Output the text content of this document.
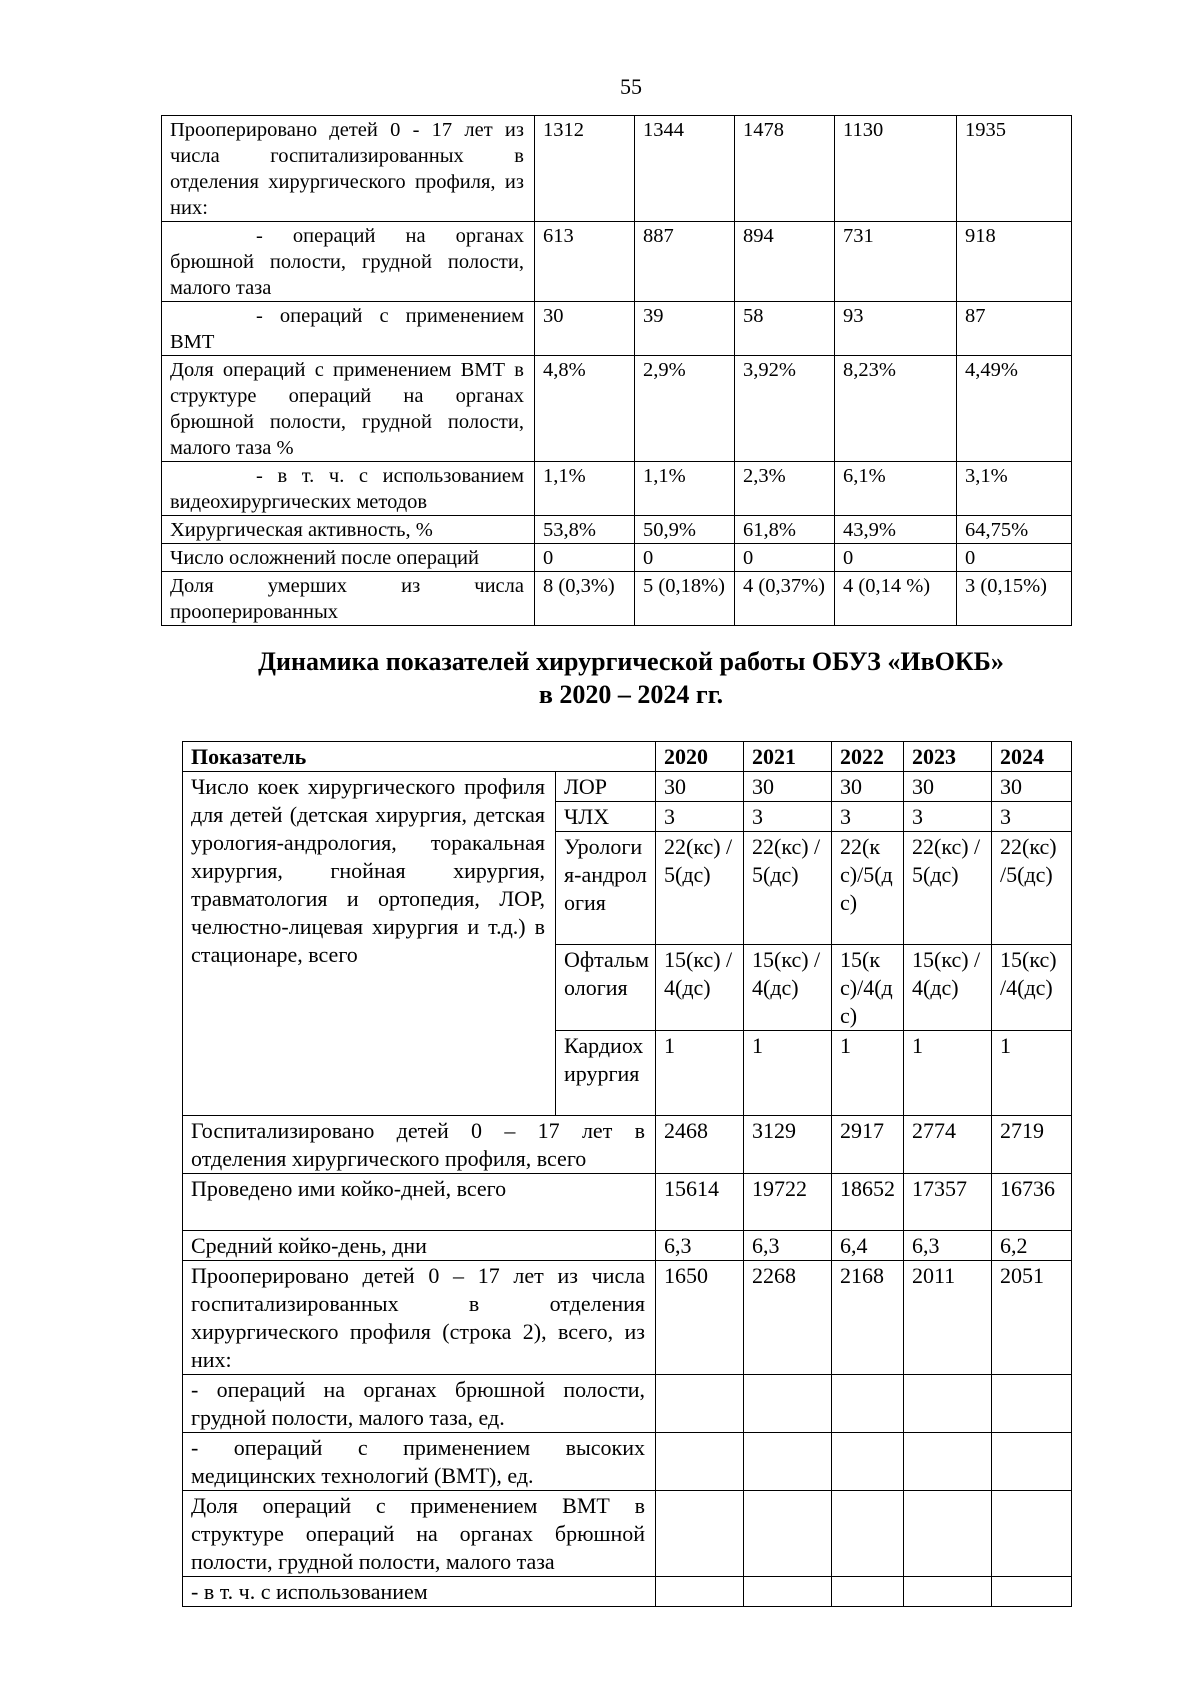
55
Прооперировано детей 0 - 17 лет из числа госпитализированных в отделения хирургического профиля, из них:	1312	1344	1478	1130	1935
- операций на органах брюшной полости, грудной полости, малого таза	613	887	894	731	918
- операций с применением ВМТ	30	39	58	93	87
Доля операций с применением ВМТ в структуре операций на органах брюшной полости, грудной полости, малого таза %	4,8%	2,9%	3,92%	8,23%	4,49%
- в т. ч. с использованием видеохирургических методов	1,1%	1,1%	2,3%	6,1%	3,1%
Хирургическая активность, %	53,8%	50,9%	61,8%	43,9%	64,75%
Число осложнений после операций	0	0	0	0	0
Доля умерших из числа прооперированных	8 (0,3%)	5 (0,18%)	4 (0,37%)	4 (0,14 %)	3 (0,15%)
Динамика показателей хирургической работы ОБУЗ «ИвОКБ»
в 2020 – 2024 гг.
Показатель		2020	2021	2022	2023	2024
Число коек хирургического профиля для детей (детская хирургия, детская урология-андрология, торакальная хирургия, гнойная хирургия, травматология и ортопедия, ЛОР, челюстно-лицевая хирургия и т.д.) в стационаре, всего	ЛОР	30	30	30	30	30
	ЧЛХ	3	3	3	3	3
	Урология-андрология	22(кс) /5(дс)	22(кс) /5(дс)	22(кс)/5(дс)	22(кс) /5(дс)	22(кс) /5(дс)
	Офтальмология	15(кс) /4(дс)	15(кс) /4(дс)	15(кс)/4(дс)	15(кс) /4(дс)	15(кс) /4(дс)
	Кардиохирургия	1	1	1	1	1
Госпитализировано детей 0 – 17 лет в отделения хирургического профиля, всего		2468	3129	2917	2774	2719
Проведено ими койко-дней, всего		15614	19722	18652	17357	16736
Средний койко-день, дни		6,3	6,3	6,4	6,3	6,2
Прооперировано детей 0 – 17 лет из числа госпитализированных в отделения хирургического профиля (строка 2), всего, из них:		1650	2268	2168	2011	2051
- операций на органах брюшной полости, грудной полости, малого таза, ед.						
- операций с применением высоких медицинских технологий (ВМТ), ед.						
Доля операций с применением ВМТ в структуре операций на органах брюшной полости, грудной полости, малого таза						
- в т. ч. с использованием						
